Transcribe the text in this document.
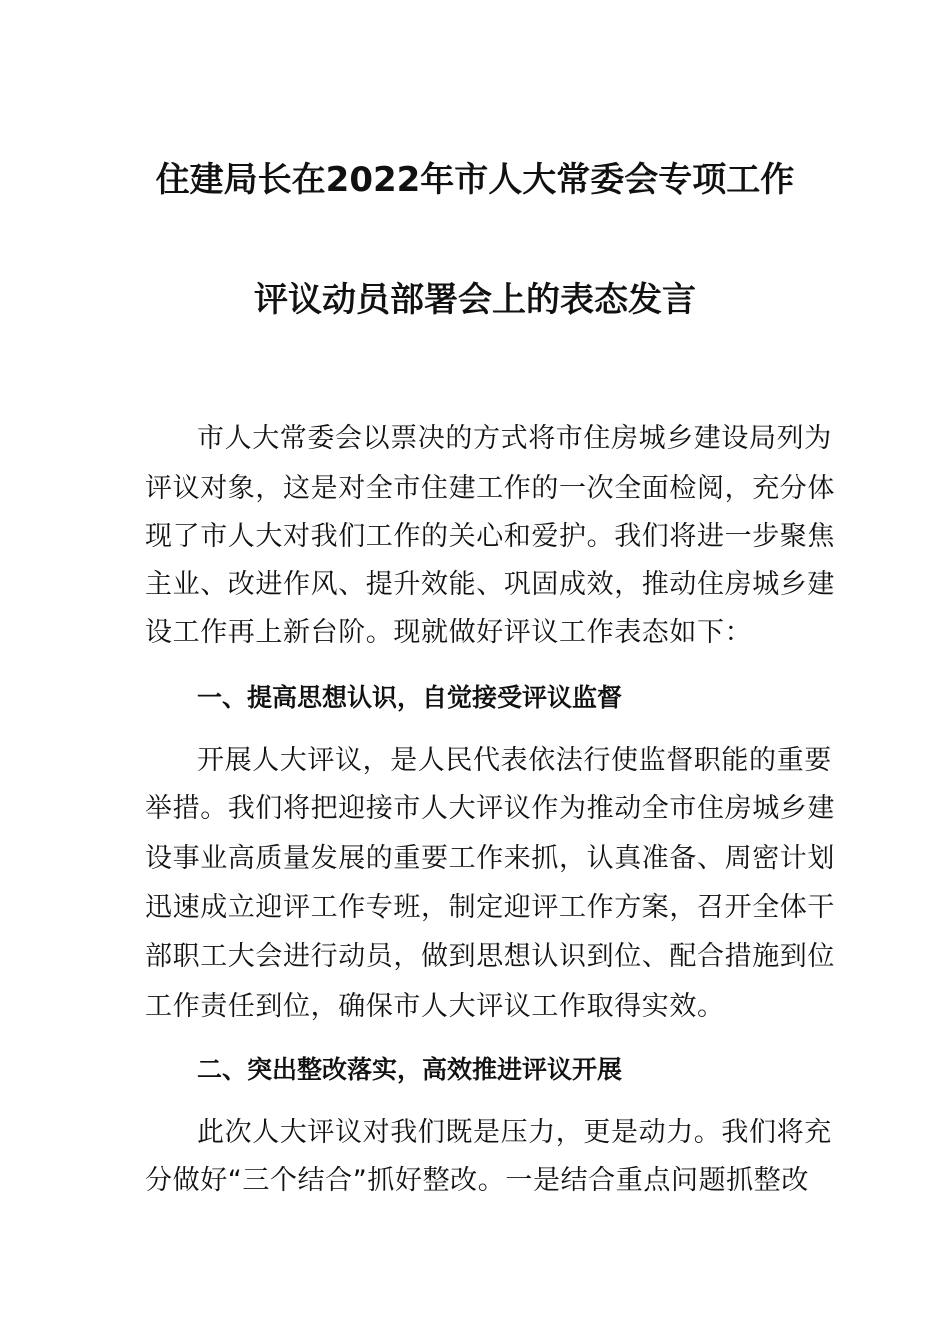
住建局长在2022年市人大常委会专项工作
评议动员部署会上的表态发言
市人大常委会以票决的方式将市住房城乡建设局列为
评议对象，这是对全市住建工作的一次全面检阅，充分体
现了市人大对我们工作的关心和爱护。我们将进一步聚焦
主业、改进作风、提升效能、巩固成效，推动住房城乡建
设工作再上新台阶。现就做好评议工作表态如下：
一、提高思想认识，自觉接受评议监督
开展人大评议，是人民代表依法行使监督职能的重要
举措。我们将把迎接市人大评议作为推动全市住房城乡建
设事业高质量发展的重要工作来抓，认真准备、周密计划
迅速成立迎评工作专班，制定迎评工作方案，召开全体干
部职工大会进行动员，做到思想认识到位、配合措施到位
工作责任到位，确保市人大评议工作取得实效。
二、突出整改落实，高效推进评议开展
此次人大评议对我们既是压力，更是动力。我们将充
分做好“三个结合”抓好整改。一是结合重点问题抓整改
